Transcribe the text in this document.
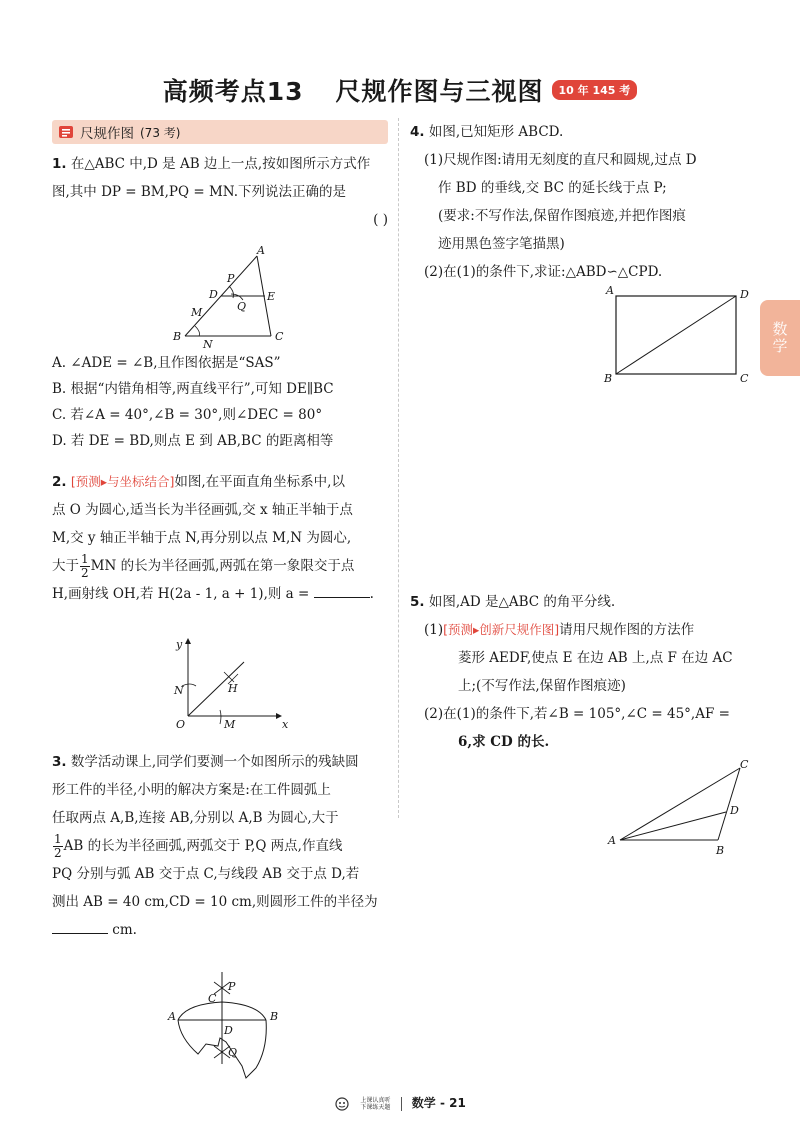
高频考点13 尺规作图与三视图 10 年 145 考
数学
尺规作图 (73 考)
1. 在△ABC 中,D 是 AB 边上一点,按如图所示方式作
图,其中 DP = BM,PQ = MN.下列说法正确的是
( )
A
B	C
D	E
P
Q
M
N
A. ∠ADE = ∠B,且作图依据是“SAS”
B. 根据“内错角相等,两直线平行”,可知 DE∥BC
C. 若∠A = 40°,∠B = 30°,则∠DEC = 80°
D. 若 DE = BD,则点 E 到 AB,BC 的距离相等
2. [预测▸与坐标结合]如图,在平面直角坐标系中,以
点 O 为圆心,适当长为半径画弧,交 x 轴正半轴于点
M,交 y 轴正半轴于点 N,再分别以点 M,N 为圆心,
大于 $\frac{1}{2}$ MN 的长为半径画弧,两弧在第一象限交于点
H,画射线 OH,若 H(2a - 1, a + 1),则 a =	.
y
x
O
N
M
H
3. 数学活动课上,同学们要测一个如图所示的残缺圆
形工件的半径,小明的解决方案是:在工件圆弧上
任取两点 A,B,连接 AB,分别以 A,B 为圆心,大于
$\frac{1}{2}$ AB 的长为半径画弧,两弧交于 P,Q 两点,作直线
PQ 分别与弧 AB 交于点 C,与线段 AB 交于点 D,若
测出 AB = 40 cm,CD = 10 cm,则圆形工件的半径为
cm.
A	B
C
D
P
Q
4. 如图,已知矩形 ABCD.
(1)尺规作图:请用无刻度的直尺和圆规,过点 D
作 BD 的垂线,交 BC 的延长线于点 P;
(要求:不写作法,保留作图痕迹,并把作图痕
迹用黑色签字笔描黑)
(2)在(1)的条件下,求证:△ABD∽△CPD.
A	D
B	C
5. 如图,AD 是△ABC 的角平分线.
(1)[预测▸创新尺规作图]请用尺规作图的方法作
菱形 AEDF,使点 E 在边 AB 上,点 F 在边 AC
上;(不写作法,保留作图痕迹)
(2)在(1)的条件下,若∠B = 105°,∠C = 45°,AF =
6,求 CD 的长.
A
B
C
D
上课认真听
下课练天题 数学 - 21
